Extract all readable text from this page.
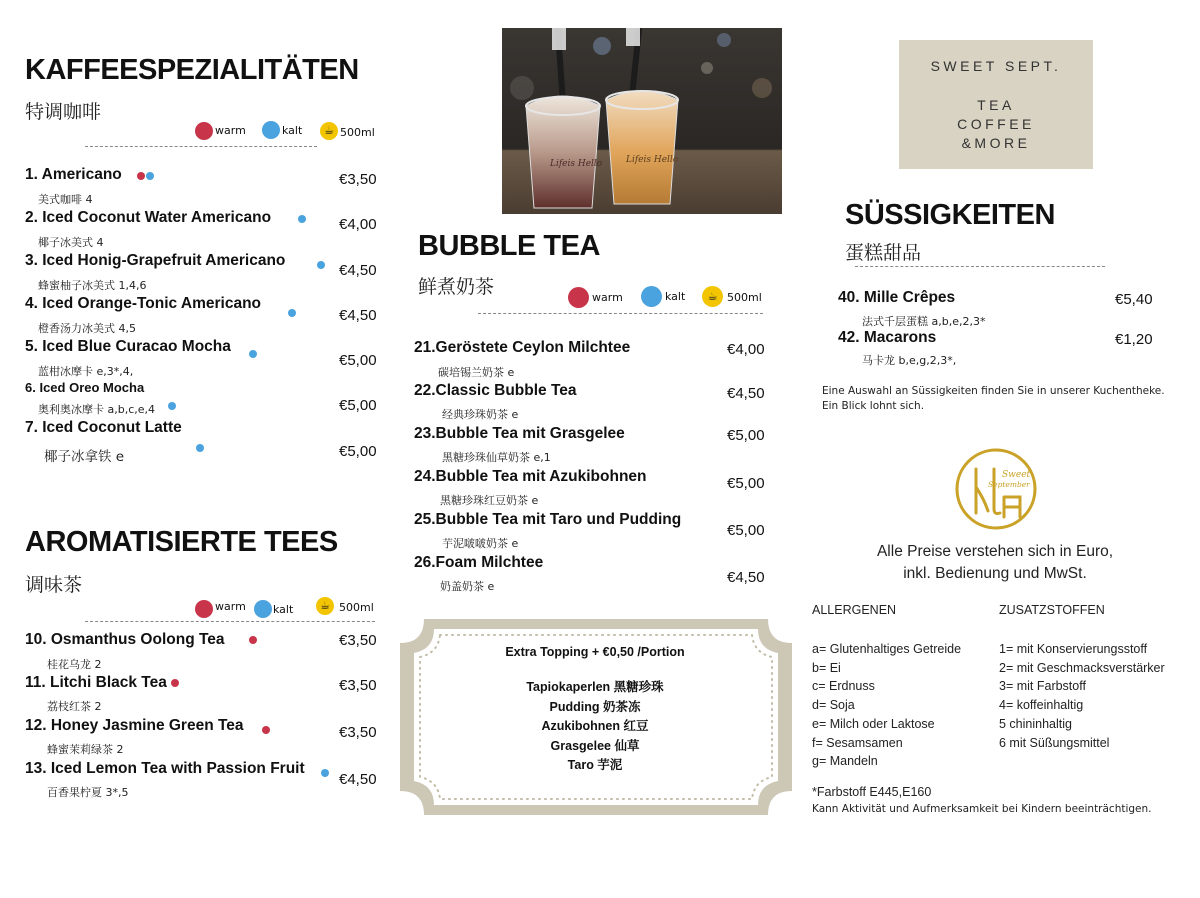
KAFFEESPEZIALITÄTEN
特调咖啡
warm	kalt	☕ 500ml
1. Americano
美式咖啡 4
€3,50
2. Iced Coconut Water Americano
椰子冰美式 4
€4,00
3. Iced Honig-Grapefruit Americano
蜂蜜柚子冰美式 1,4,6
€4,50
4. Iced Orange-Tonic Americano
橙香汤力冰美式 4,5
€4,50
5. Iced Blue Curacao Mocha
蓝柑冰摩卡 e,3*,4,
€5,00
6. Iced Oreo Mocha
奥利奥冰摩卡 a,b,c,e,4	€5,00
7. Iced Coconut Latte
椰子冰拿铁 e	€5,00
AROMATISIERTE TEES
调味茶
warm kalt	☕ 500ml
10. Osmanthus Oolong Tea
桂花乌龙 2
€3,50
11. Litchi Black Tea
荔枝红茶 2
€3,50
12. Honey Jasmine Green Tea
蜂蜜茉莉绿茶 2
€3,50
13. Iced Lemon Tea with Passion Fruit
百香果柠夏 3*,5
€4,50
Lifeis Hello	Lifeis Hello
BUBBLE TEA
鲜煮奶茶	warm	kalt	☕ 500ml
21.Geröstete Ceylon Milchtee
碳培锡兰奶茶 e
€4,00
22.Classic Bubble Tea
经典珍珠奶茶 e
€4,50
23.Bubble Tea mit Grasgelee
黑糖珍珠仙草奶茶 e,1
€5,00
24.Bubble Tea mit Azukibohnen
黑糖珍珠红豆奶茶 e
€5,00
25.Bubble Tea mit Taro und Pudding
芋泥啵啵奶茶 e
€5,00
26.Foam Milchtee
奶盖奶茶 e
€4,50
Extra Topping + €0,50 /Portion
Tapiokaperlen 黑糖珍珠
Pudding 奶茶冻
Azukibohnen 红豆
Grasgelee 仙草
Taro 芋泥
SWEET SEPT.
TEA
COFFEE
&MORE
SÜSSIGKEITEN
蛋糕甜品
40. Mille Crêpes
法式千层蛋糕 a,b,e,2,3*
€5,40
42. Macarons
马卡龙 b,e,g,2,3*,
€1,20
Eine Auswahl an Süssigkeiten finden Sie in unserer Kuchentheke.
Ein Blick lohnt sich.
Sweet
September
Alle Preise verstehen sich in Euro,
inkl. Bedienung und MwSt.
ALLERGENEN
a= Glutenhaltiges Getreide
b= Ei
c= Erdnuss
d= Soja
e= Milch oder Laktose
f= Sesamsamen
g= Mandeln
ZUSATZSTOFFEN
1= mit Konservierungsstoff
2= mit Geschmacksverstärker
3= mit Farbstoff
4= koffeinhaltig
5 chininhaltig
6 mit Süßungsmittel
*Farbstoff E445,E160
Kann Aktivität und Aufmerksamkeit bei Kindern beeinträchtigen.
